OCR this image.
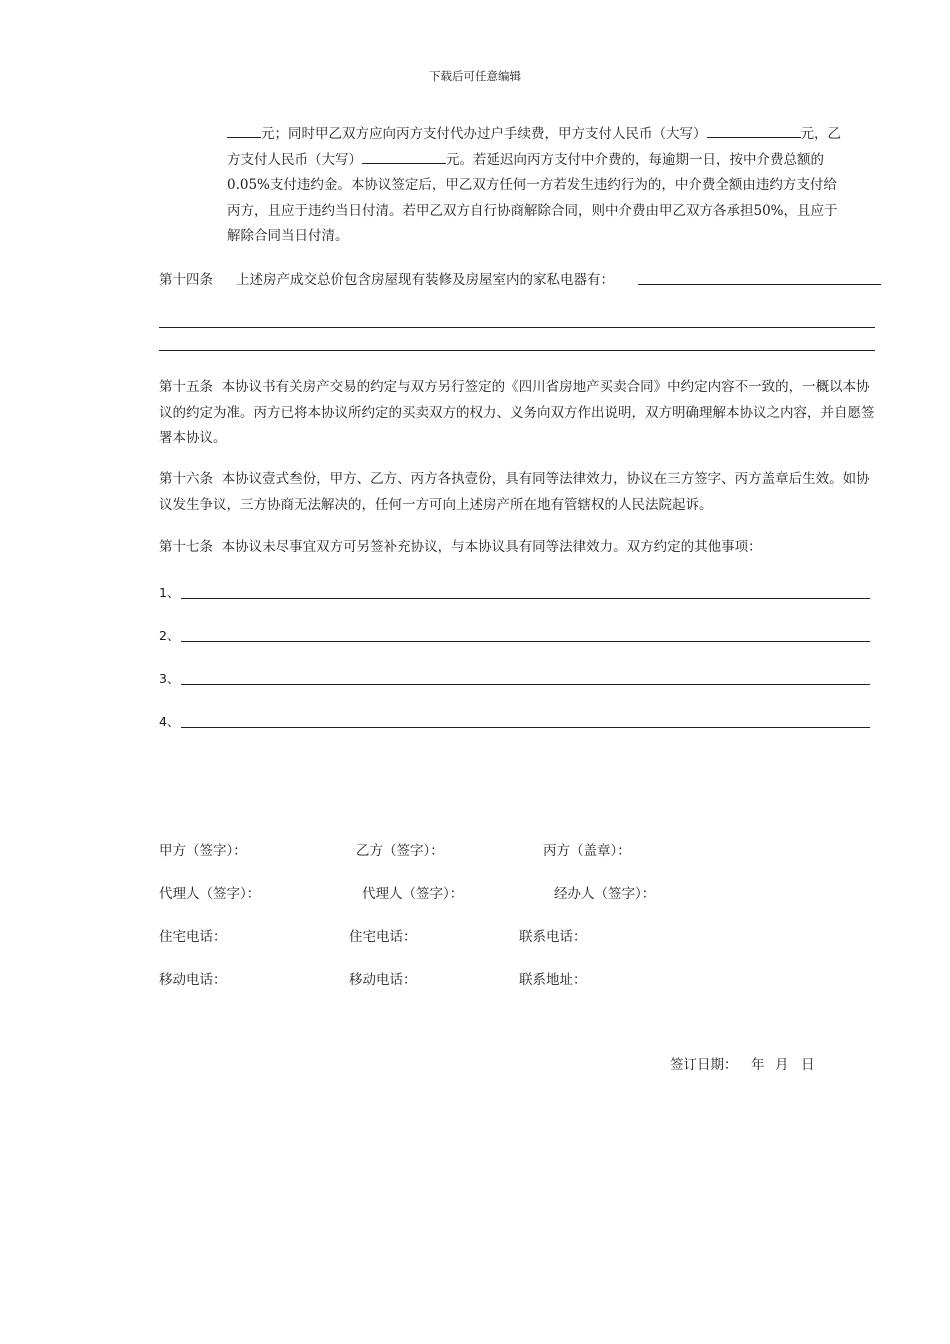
下载后可任意编辑
元；同时甲乙双方应向丙方支付代办过户手续费，甲方支付人民币（大写）	元，乙
方支付人民币（大写）	元。若延迟向丙方支付中介费的，每逾期一日，按中介费总额的
0.05%支付违约金。本协议签定后，甲乙双方任何一方若发生违约行为的，中介费全额由违约方支付给
丙方，且应于违约当日付清。若甲乙双方自行协商解除合同，则中介费由甲乙双方各承担50%，且应于
解除合同当日付清。
第十四条 上述房产成交总价包含房屋现有装修及房屋室内的家私电器有：
第十五条 本协议书有关房产交易的约定与双方另行签定的《四川省房地产买卖合同》中约定内容不一致的，一概以本协议的约定为准。丙方已将本协议所约定的买卖双方的权力、义务向双方作出说明，双方明确理解本协议之内容，并自愿签署本协议。
第十六条 本协议壹式叁份，甲方、乙方、丙方各执壹份，具有同等法律效力，协议在三方签字、丙方盖章后生效。如协议发生争议，三方协商无法解决的，任何一方可向上述房产所在地有管辖权的人民法院起诉。
第十七条 本协议未尽事宜双方可另签补充协议，与本协议具有同等法律效力。双方约定的其他事项：
1、
2、
3、
4、
甲方（签字）：	乙方（签字）：	丙方（盖章）：
代理人（签字）：	代理人（签字）：	经办人（签字）：
住宅电话：	住宅电话：	联系电话：
移动电话：	移动电话：	联系地址：
签订日期： 年 月 日
